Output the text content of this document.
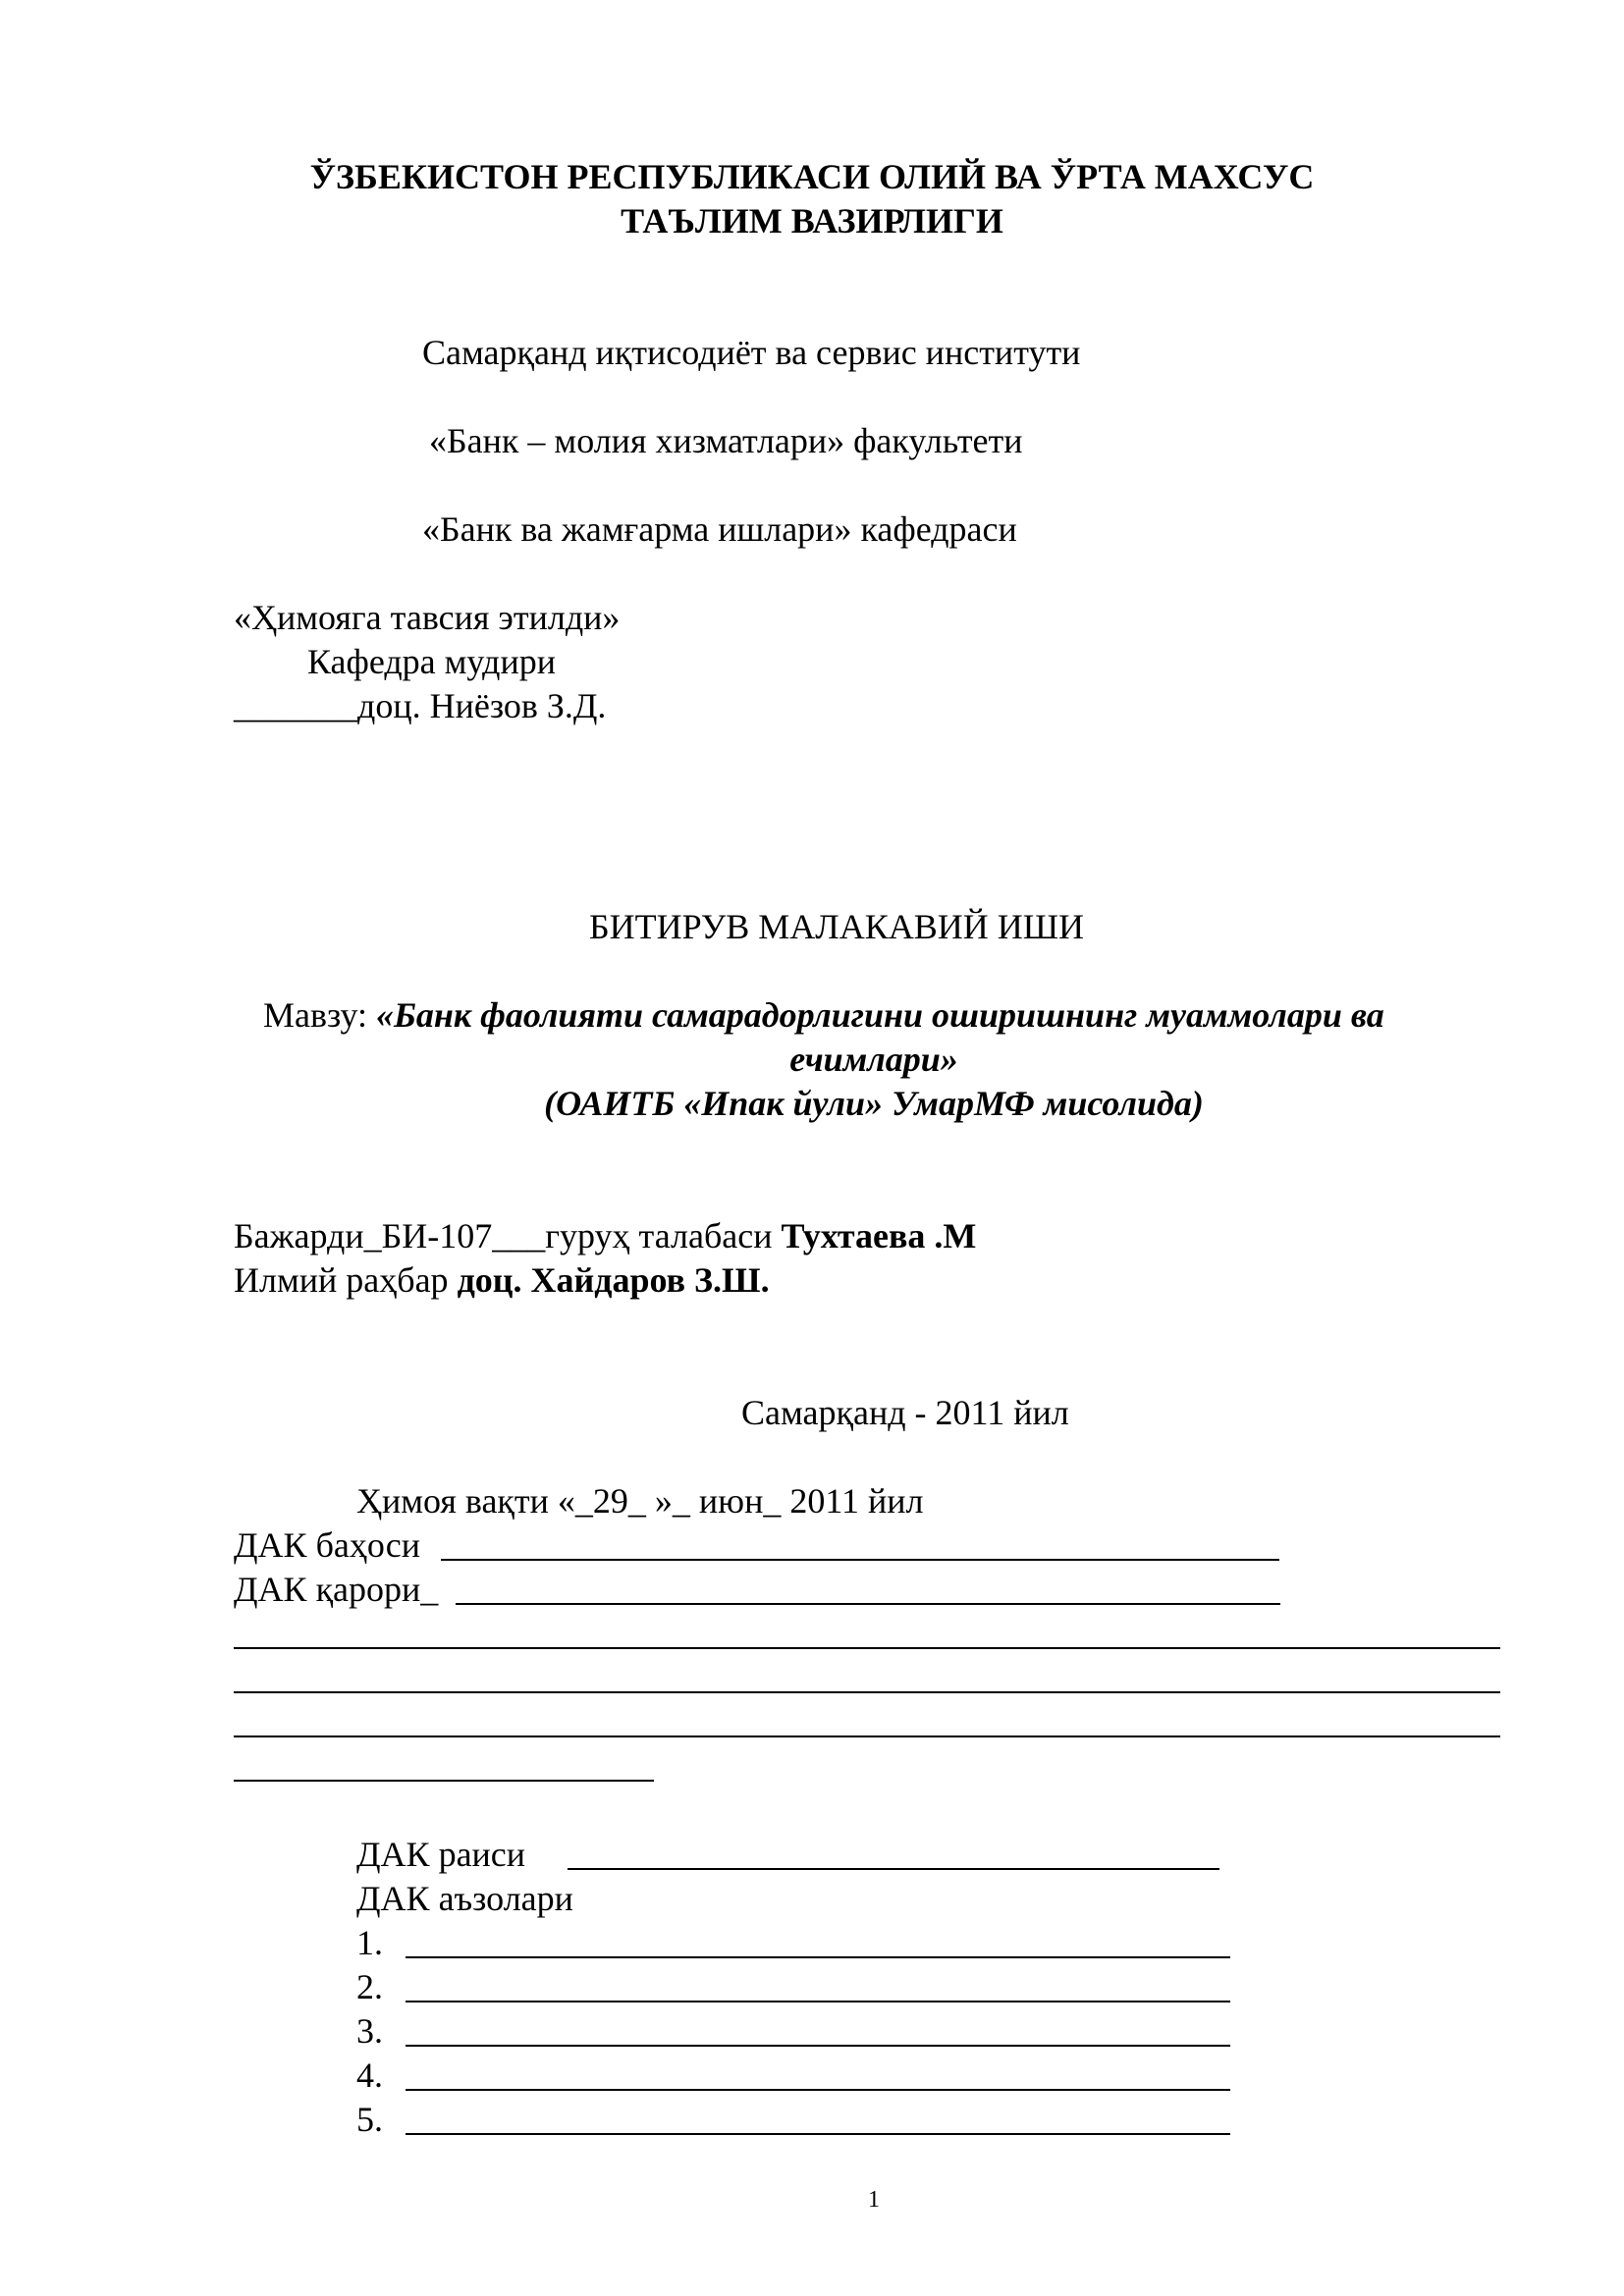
ЎЗБЕКИСТОН РЕСПУБЛИКАСИ ОЛИЙ ВА ЎРТА МАХСУС
ТАЪЛИМ ВАЗИРЛИГИ
Самарқанд иқтисодиёт ва сервис институти
«Банк – молия хизматлари» факультети
«Банк ва жамғарма ишлари» кафедраси
«Ҳимояга тавсия этилди»
Кафедра мудири
_______доц. Ниёзов З.Д.
БИТИРУВ МАЛАКАВИЙ ИШИ
Мавзу: «Банк фаолияти самарадорлигини оширишнинг муаммолари ва
ечимлари»
(ОАИТБ «Ипак йули» УмарМФ мисолида)
Бажарди_БИ-107___гуруҳ талабаси Тухтаева .М
Илмий раҳбар доц. Хайдаров З.Ш.
Самарқанд - 2011 йил
Ҳимоя вақти «_29_ »_ июн_ 2011 йил
ДАК баҳоси
ДАК қарори_
ДАК раиси
ДАК аъзолари
1.
2.
3.
4.
5.
1
